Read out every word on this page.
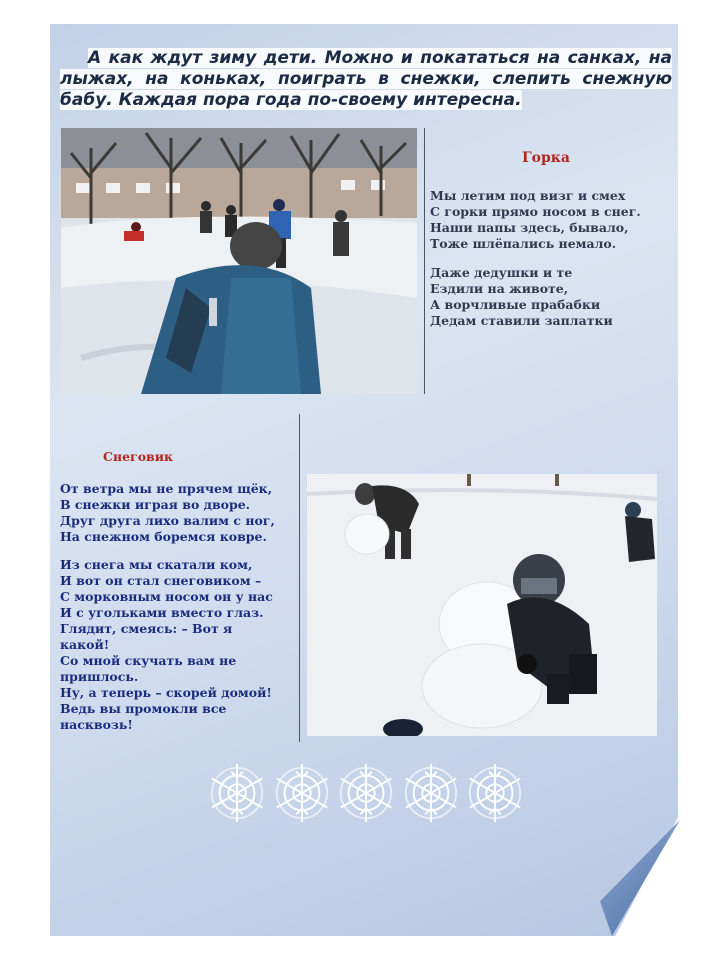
А как ждут зиму дети. Можно и покататься на санках, на лыжах, на коньках, поиграть в снежки, слепить снежную бабу. Каждая пора года по-своему интересна.
Горка
Мы летим под визг и смех
С горки прямо носом в снег.
Наши папы здесь, бывало,
Тоже шлёпались немало.
Даже дедушки и те
Ездили на животе,
А ворчливые прабабки
Дедам ставили заплатки
Снеговик
От ветра мы не прячем щёк,
В снежки играя во дворе.
Друг друга лихо валим с ног,
На снежном боремся ковре.
Из снега мы скатали ком,
И вот он стал снеговиком –
С морковным носом он у нас
И с угольками вместо глаз.
Глядит, смеясь: – Вот я
какой!
Со мной скучать вам не
пришлось.
Ну, а теперь – скорей домой!
Ведь вы промокли все
насквозь!
